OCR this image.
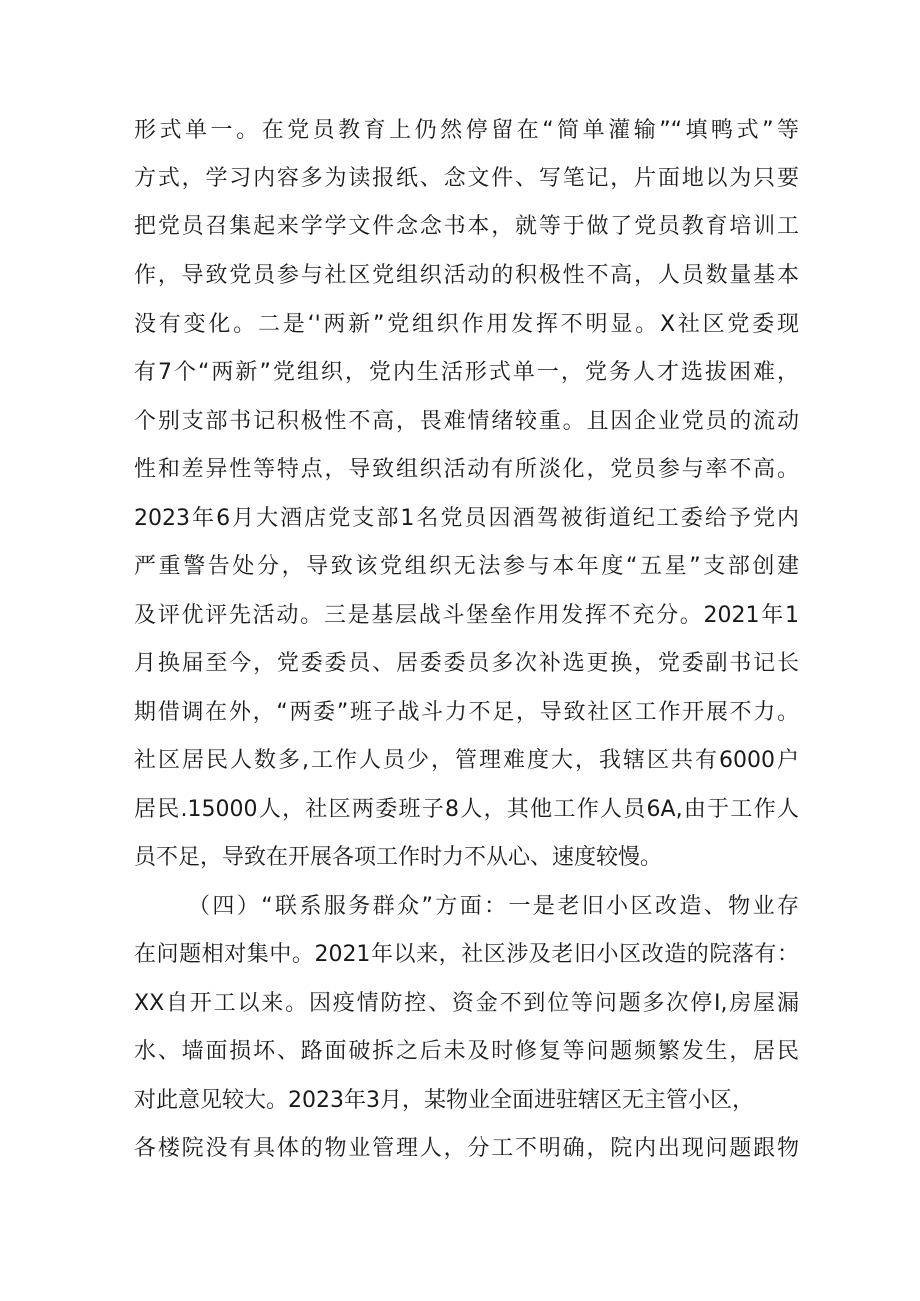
形式单一。在党员教育上仍然停留在“简单灌输”“填鸭式”等
方式，学习内容多为读报纸、念文件、写笔记，片面地以为只要
把党员召集起来学学文件念念书本，就等于做了党员教育培训工
作，导致党员参与社区党组织活动的积极性不高，人员数量基本
没有变化。二是‘'两新”党组织作用发挥不明显。X社区党委现
有7个“两新”党组织，党内生活形式单一，党务人才选拔困难，
个别支部书记积极性不高，畏难情绪较重。且因企业党员的流动
性和差异性等特点，导致组织活动有所淡化，党员参与率不高。
2023年6月大酒店党支部1名党员因酒驾被街道纪工委给予党内
严重警告处分，导致该党组织无法参与本年度“五星”支部创建
及评优评先活动。三是基层战斗堡垒作用发挥不充分。2021年1
月换届至今，党委委员、居委委员多次补选更换，党委副书记长
期借调在外，“两委”班子战斗力不足，导致社区工作开展不力。
社区居民人数多,工作人员少，管理难度大，我辖区共有6000户
居民.15000人，社区两委班子8人，其他工作人员6A,由于工作人
员不足，导致在开展各项工作时力不从心、速度较慢。
（四）“联系服务群众”方面：一是老旧小区改造、物业存
在问题相对集中。2021年以来，社区涉及老旧小区改造的院落有：
XX自开工以来。因疫情防控、资金不到位等问题多次停I,房屋漏
水、墙面损坏、路面破拆之后未及时修复等问题频繁发生，居民
对此意见较大。2023年3月，某物业全面进驻辖区无主管小区，
各楼院没有具体的物业管理人，分工不明确，院内出现问题跟物
